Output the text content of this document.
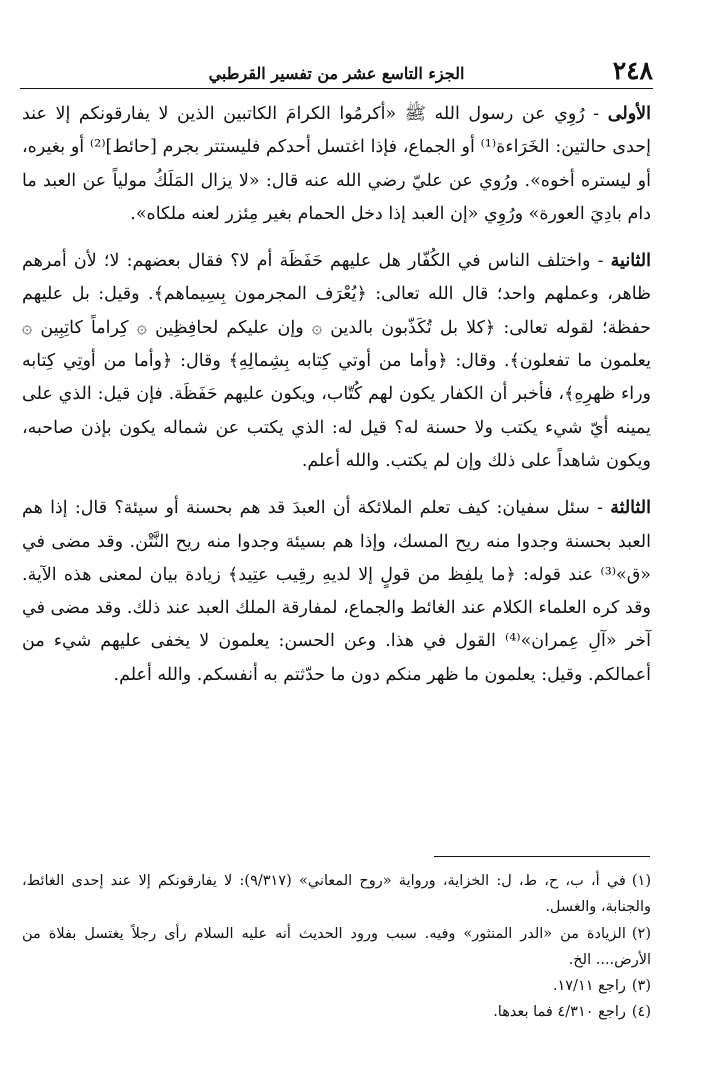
٢٤٨
الجزء التاسع عشر من تفسير القرطبي

الأولى - رُوِي عن رسول الله ﷺ «أكرمُوا الكرامَ الكاتبين الذين لا يفارقونكم إلا عند إحدى حالتين: الخَرَاءة⁽¹⁾ أو الجماع، فإذا اغتسل أحدكم فليستتر بجرم [حائط]⁽²⁾ أو بغيره، أو ليستره أخوه». ورُوي عن عليّ رضي الله عنه قال: «لا يزال المَلَكُ مولياً عن العبد ما دام بادِيَ العورة» ورُوِي «إن العبد إذا دخل الحمام بغير مِئزر لعنه ملكاه».

الثانية - واختلف الناس في الكُفّار هل عليهم حَفَظَة أم لا؟ فقال بعضهم: لا؛ لأن أمرهم ظاهر، وعملهم واحد؛ قال الله تعالى: ﴿يُعْرَف المجرمون بِسِيماهم﴾. وقيل: بل عليهم حفظة؛ لقوله تعالى: ﴿كلا بل تُكَذّبون بالدين ۞ وإن عليكم لحافِظِين ۞ كِراماً كاتِبِين ۞ يعلمون ما تفعلون﴾. وقال: ﴿وأما من أوتي كِتابه بِشِمالِهِ﴾ وقال: ﴿وأما من أوتِي كِتابه وراء ظهرِهِ﴾، فأخبر أن الكفار يكون لهم كُتّاب، ويكون عليهم حَفَظَة. فإن قيل: الذي على يمينه أيّ شيء يكتب ولا حسنة له؟ قيل له: الذي يكتب عن شماله يكون بإذن صاحبه، ويكون شاهداً على ذلك وإن لم يكتب. والله أعلم.

الثالثة - سئل سفيان: كيف تعلم الملائكة أن العبدَ قد هم بحسنة أو سيئة؟ قال: إذا هم العبد بحسنة وجدوا منه ريح المسك، وإذا هم بسيئة وجدوا منه ريح النَّتْن. وقد مضى في «ق»⁽³⁾ عند قوله: ﴿ما يلفِظ من قولٍ إلا لديهِ رقِيب عتِيد﴾ زيادة بيان لمعنى هذه الآية. وقد كره العلماء الكلام عند الغائط والجماع، لمفارقة الملك العبد عند ذلك. وقد مضى في آخر «آلِ عِمران»⁽⁴⁾ القول في هذا. وعن الحسن: يعلمون لا يخفى عليهم شيء من أعمالكم. وقيل: يعلمون ما ظهر منكم دون ما حدّثتم به أنفسكم. والله أعلم.

(١)في أ، ب، ح، ط، ل: الخزاية، ورواية «روح المعاني» (٩/٣١٧): لا يفارقونكم إلا عند إحدى الغائط، والجنابة، والغسل.

(٢)الزيادة من «الدر المنثور» وفيه. سبب ورود الحديث أنه عليه السلام رأى رجلاً يغتسل بفلاة من الأرض.... الخ.

(٣)راجع ١٧/١١.

(٤)راجع ٤/٣١٠ فما بعدها.
